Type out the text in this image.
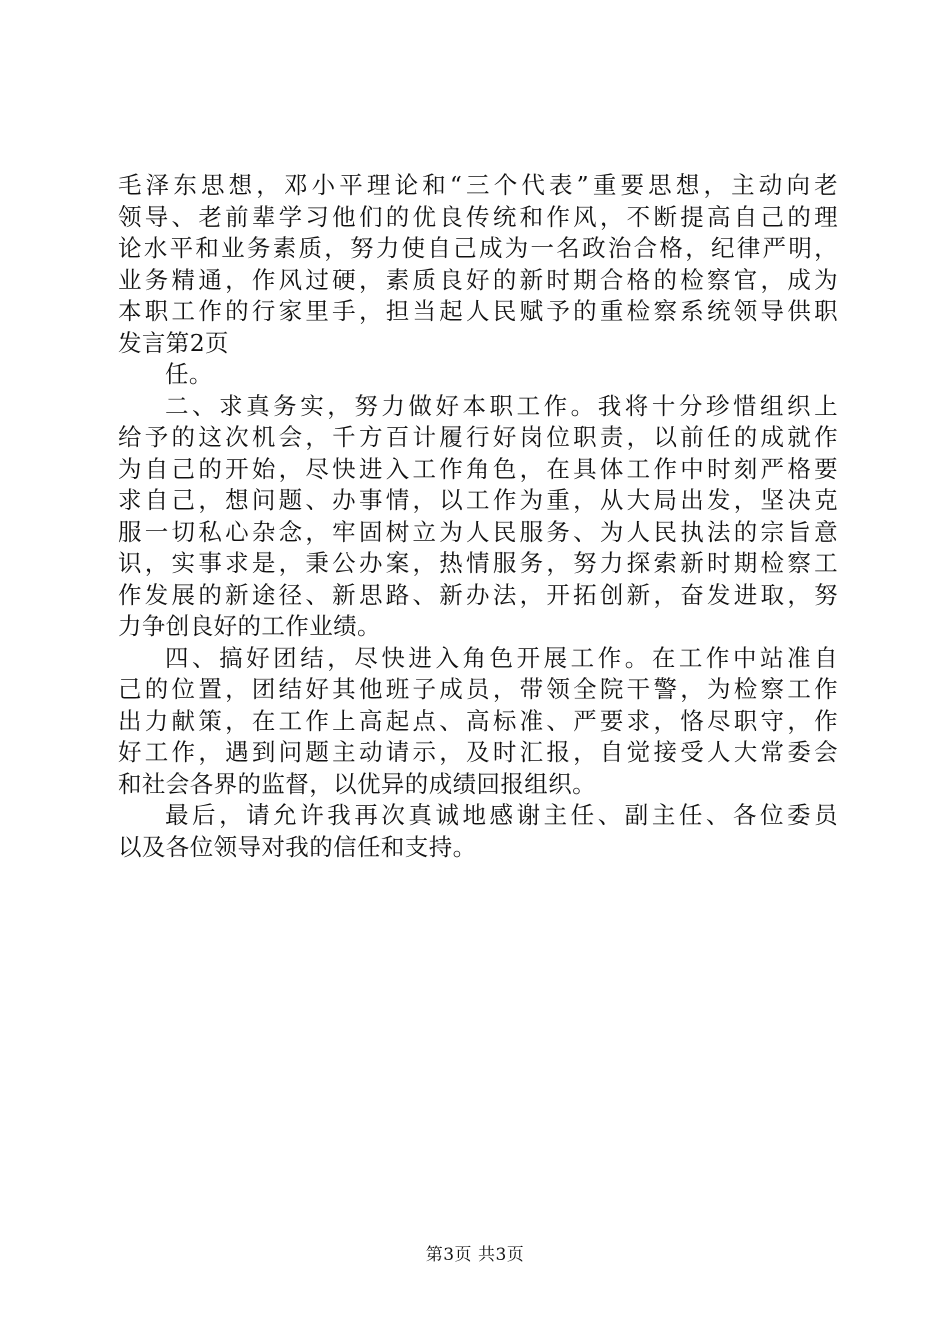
毛泽东思想，邓小平理论和“三个代表”重要思想，主动向老
领导、老前辈学习他们的优良传统和作风，不断提高自己的理
论水平和业务素质，努力使自己成为一名政治合格，纪律严明，
业务精通，作风过硬，素质良好的新时期合格的检察官，成为
本职工作的行家里手，担当起人民赋予的重检察系统领导供职
发言第2页
任。
二、求真务实，努力做好本职工作。我将十分珍惜组织上
给予的这次机会，千方百计履行好岗位职责，以前任的成就作
为自己的开始，尽快进入工作角色，在具体工作中时刻严格要
求自己，想问题、办事情，以工作为重，从大局出发，坚决克
服一切私心杂念，牢固树立为人民服务、为人民执法的宗旨意
识，实事求是，秉公办案，热情服务，努力探索新时期检察工
作发展的新途径、新思路、新办法，开拓创新，奋发进取，努
力争创良好的工作业绩。
四、搞好团结，尽快进入角色开展工作。在工作中站准自
己的位置，团结好其他班子成员，带领全院干警，为检察工作
出力献策，在工作上高起点、高标准、严要求，恪尽职守，作
好工作，遇到问题主动请示，及时汇报，自觉接受人大常委会
和社会各界的监督，以优异的成绩回报组织。
最后，请允许我再次真诚地感谢主任、副主任、各位委员
以及各位领导对我的信任和支持。
第3页 共3页
